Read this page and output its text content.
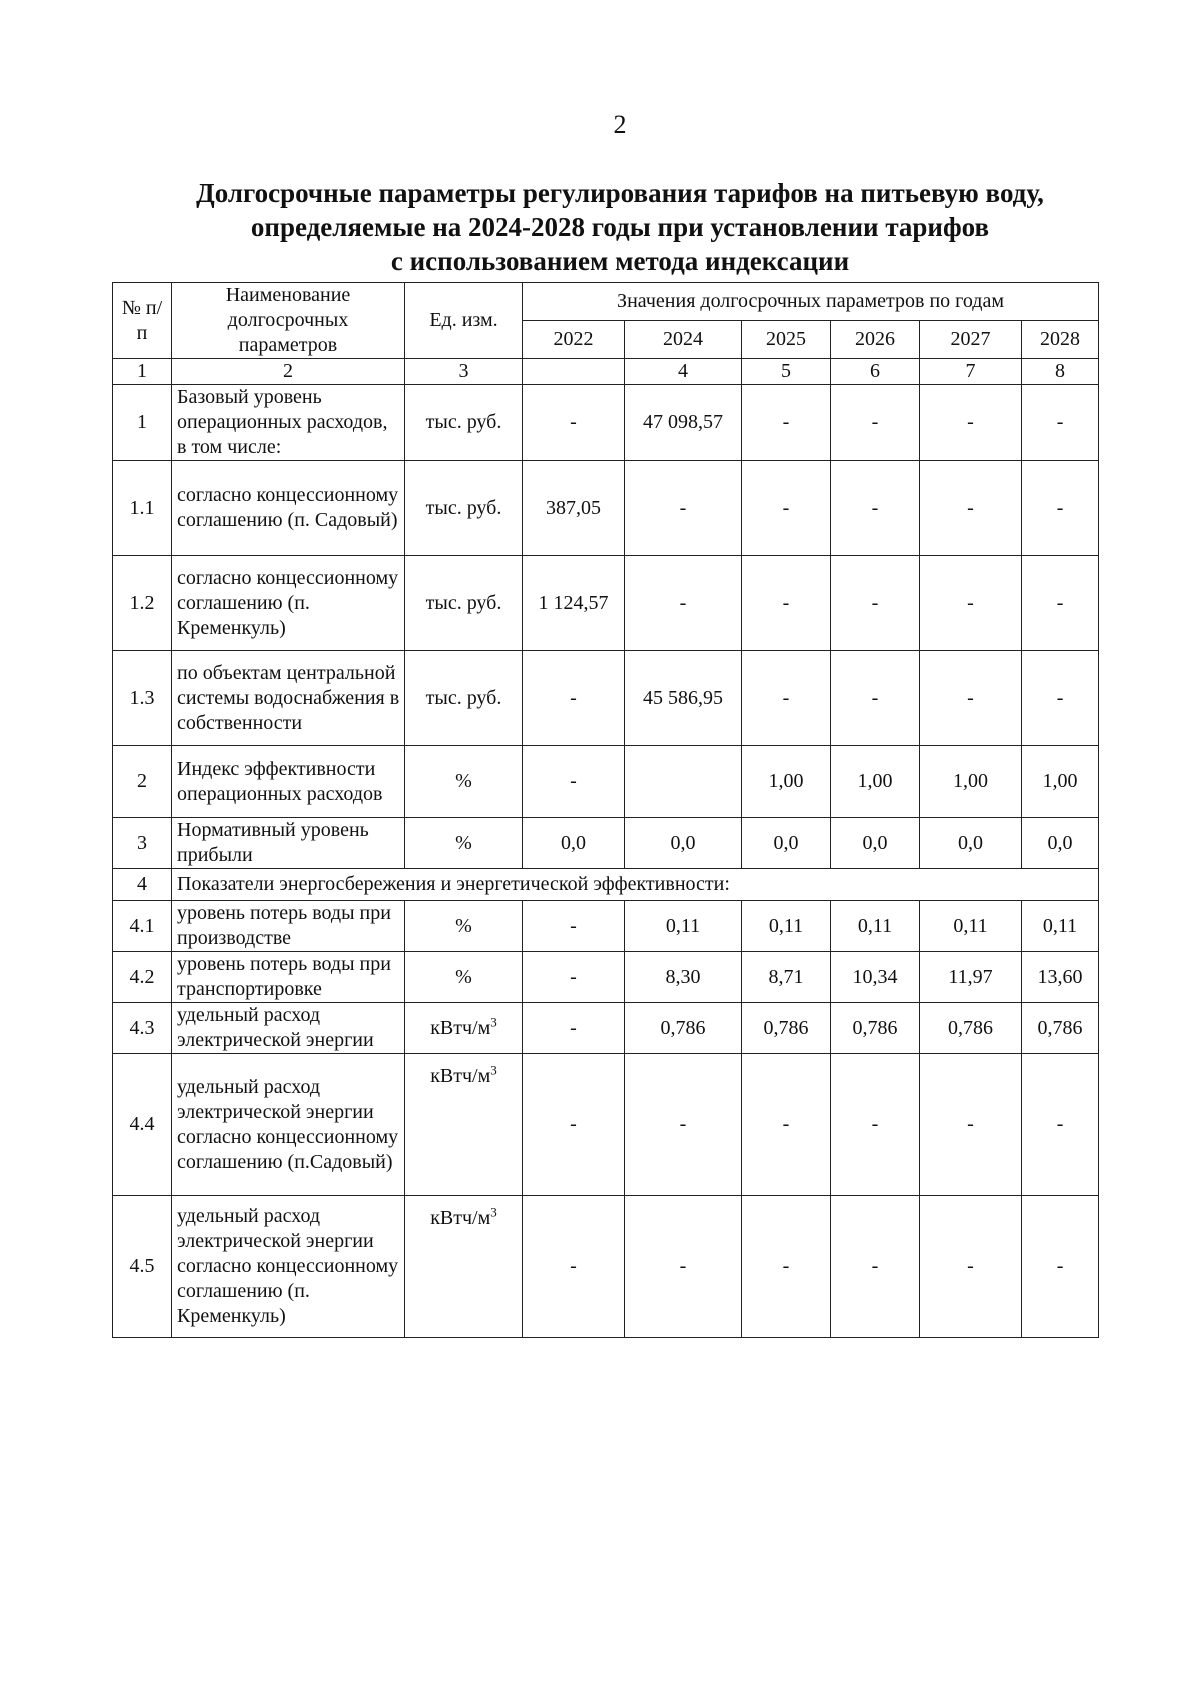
2
Долгосрочные параметры регулирования тарифов на питьевую воду,
определяемые на 2024-2028 годы при установлении тарифов
с использованием метода индексации
№ п/п	Наименование долгосрочных параметров	Ед. изм.	Значения долгосрочных параметров по годам					
			2022	2024	2025	2026	2027	2028
1	2	3		4	5	6	7	8
1	Базовый уровень операционных расходов, в том числе:	тыс. руб.	-	47 098,57	-	-	-	-
1.1	согласно концессионному соглашению (п. Садовый)	тыс. руб.	387,05	-	-	-	-	-
1.2	согласно концессионному соглашению (п. Кременкуль)	тыс. руб.	1 124,57	-	-	-	-	-
1.3	по объектам центральной системы водоснабжения в собственности	тыс. руб.	-	45 586,95	-	-	-	-
2	Индекс эффективности операционных расходов	%	-		1,00	1,00	1,00	1,00
3	Нормативный уровень прибыли	%	0,0	0,0	0,0	0,0	0,0	0,0
4	Показатели энергосбережения и энергетической эффективности:							
4.1	уровень потерь воды при производстве	%	-	0,11	0,11	0,11	0,11	0,11
4.2	уровень потерь воды при транспортировке	%	-	8,30	8,71	10,34	11,97	13,60
4.3	удельный расход электрической энергии	кВтч/$м^3$	-	0,786	0,786	0,786	0,786	0,786
4.4	удельный расход электрической энергии согласно концессионному соглашению (п.Садовый)	кВтч/$м^3$	-	-	-	-	-	-
4.5	удельный расход электрической энергии согласно концессионному соглашению (п. Кременкуль)	кВтч/$м^3$	-	-	-	-	-	-
